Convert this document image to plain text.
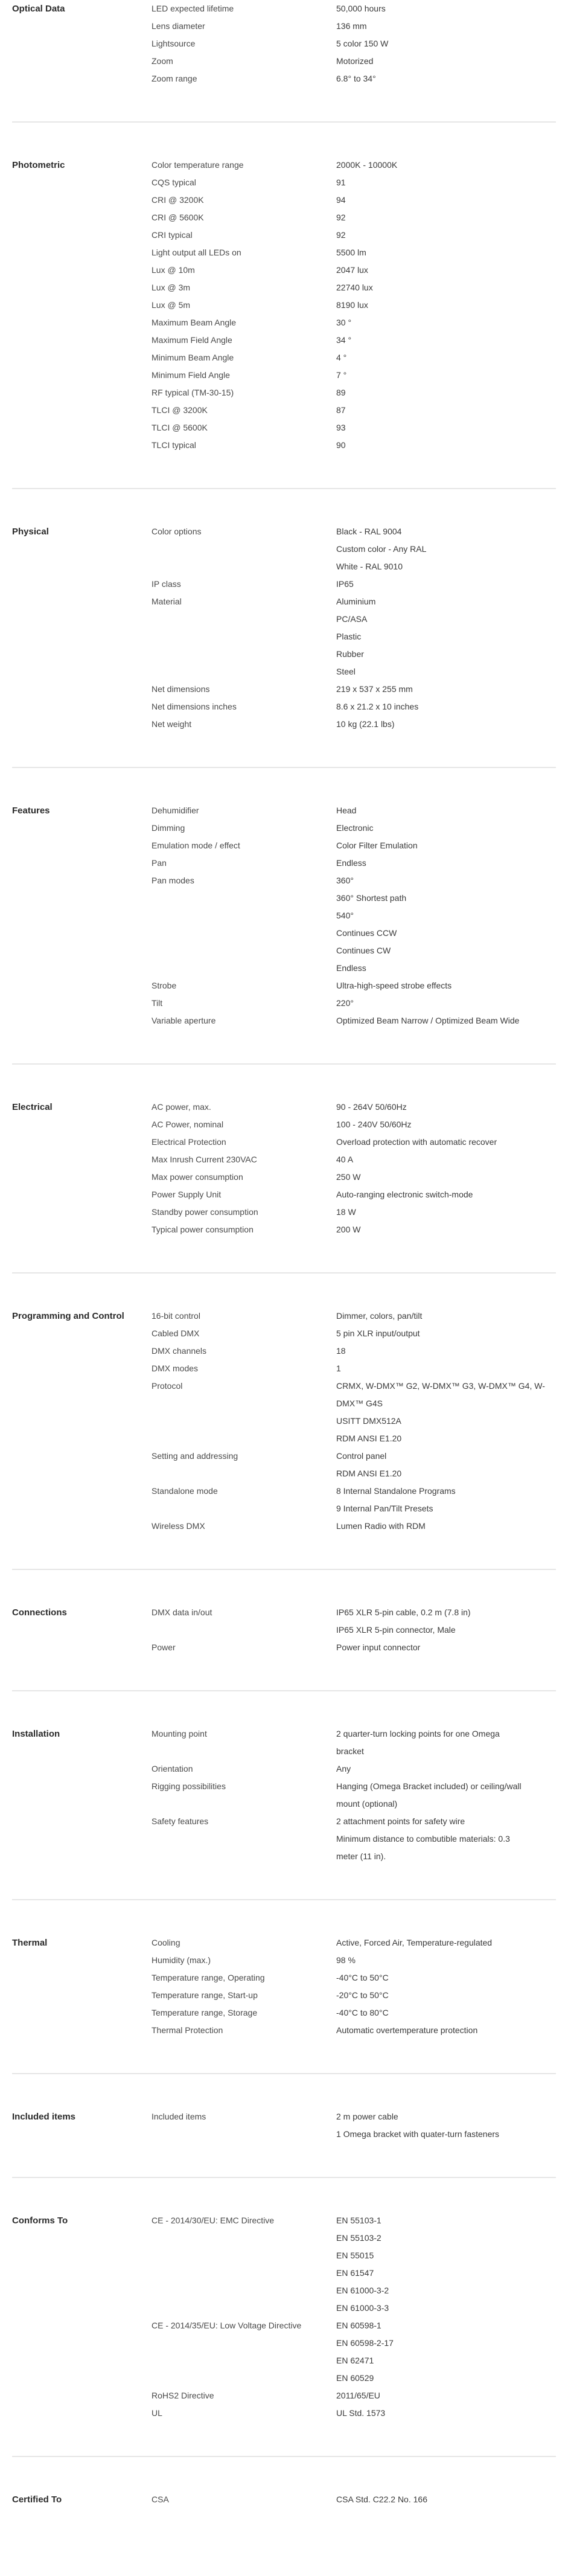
Optical Data	LED expected lifetime	50,000 hours
Lens diameter	136 mm
Lightsource	5 color 150 W
Zoom	Motorized
Zoom range	6.8° to 34°
Photometric	Color temperature range	2000K - 10000K
CQS typical	91
CRI @ 3200K	94
CRI @ 5600K	92
CRI typical	92
Light output all LEDs on	5500 lm
Lux @ 10m	2047 lux
Lux @ 3m	22740 lux
Lux @ 5m	8190 lux
Maximum Beam Angle	30 °
Maximum Field Angle	34 °
Minimum Beam Angle	4 °
Minimum Field Angle	7 °
RF typical (TM-30-15)	89
TLCI @ 3200K	87
TLCI @ 5600K	93
TLCI typical	90
Physical	Color options	Black - RAL 9004
Custom color - Any RAL
White - RAL 9010
IP class	IP65
Material	Aluminium
PC/ASA
Plastic
Rubber
Steel
Net dimensions	219 x 537 x 255 mm
Net dimensions inches	8.6 x 21.2 x 10 inches
Net weight	10 kg (22.1 lbs)
Features	Dehumidifier	Head
Dimming	Electronic
Emulation mode / effect	Color Filter Emulation
Pan	Endless
Pan modes	360°
360° Shortest path
540°
Continues CCW
Continues CW
Endless
Strobe	Ultra-high-speed strobe effects
Tilt	220°
Variable aperture	Optimized Beam Narrow / Optimized Beam Wide
Electrical	AC power, max.	90 - 264V 50/60Hz
AC Power, nominal	100 - 240V 50/60Hz
Electrical Protection	Overload protection with automatic recover
Max Inrush Current 230VAC	40 A
Max power consumption	250 W
Power Supply Unit	Auto-ranging electronic switch-mode
Standby power consumption	18 W
Typical power consumption	200 W
Programming and Control	16-bit control	Dimmer, colors, pan/tilt
Cabled DMX	5 pin XLR input/output
DMX channels	18
DMX modes	1
Protocol	CRMX, W-DMX™ G2, W-DMX™ G3, W-DMX™ G4, W-
DMX™ G4S
USITT DMX512A
RDM ANSI E1.20
Setting and addressing	Control panel
RDM ANSI E1.20
Standalone mode	8 Internal Standalone Programs
9 Internal Pan/Tilt Presets
Wireless DMX	Lumen Radio with RDM
Connections	DMX data in/out	IP65 XLR 5-pin cable, 0.2 m (7.8 in)
IP65 XLR 5-pin connector, Male
Power	Power input connector
Installation	Mounting point	2 quarter-turn locking points for one Omega
bracket
Orientation	Any
Rigging possibilities	Hanging (Omega Bracket included) or ceiling/wall
mount (optional)
Safety features	2 attachment points for safety wire
Minimum distance to combutible materials: 0.3
meter (11 in).
Thermal	Cooling	Active, Forced Air, Temperature-regulated
Humidity (max.)	98 %
Temperature range, Operating	-40°C to 50°C
Temperature range, Start-up	-20°C to 50°C
Temperature range, Storage	-40°C to 80°C
Thermal Protection	Automatic overtemperature protection
Included items	Included items	2 m power cable
1 Omega bracket with quater-turn fasteners
Conforms To	CE - 2014/30/EU: EMC Directive	EN 55103-1
EN 55103-2
EN 55015
EN 61547
EN 61000-3-2
EN 61000-3-3
CE - 2014/35/EU: Low Voltage Directive	EN 60598-1
EN 60598-2-17
EN 62471
EN 60529
RoHS2 Directive	2011/65/EU
UL	UL Std. 1573
Certified To	CSA	CSA Std. C22.2 No. 166
